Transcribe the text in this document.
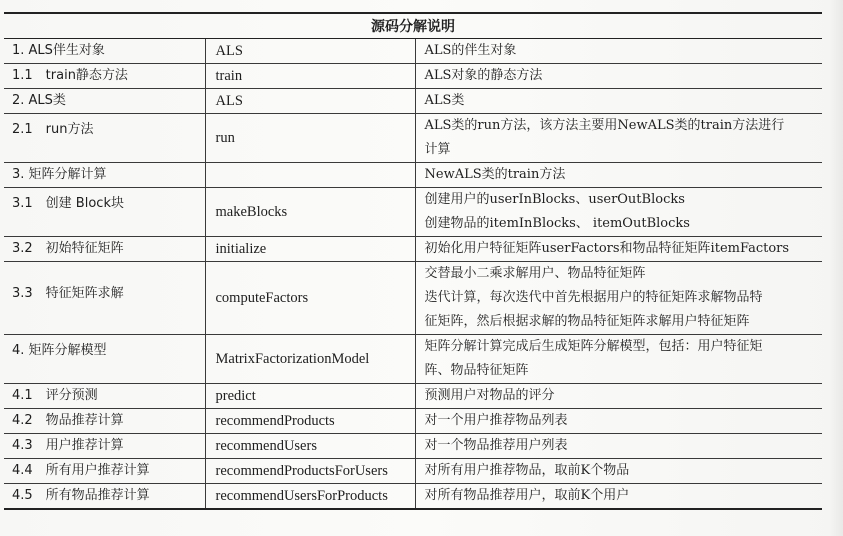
源码分解说明		
1. ALS伴生对象	ALS	ALS的伴生对象

1.1　train静态方法	train	ALS对象的静态方法

2. ALS类	ALS	ALS类

2.1　run方法	run	ALS类的run方法，该方法主要用NewALS类的train方法进行
计算

3. 矩阵分解计算		NewALS类的train方法

3.1　创建 Block块	makeBlocks	创建用户的userInBlocks、userOutBlocks
创建物品的itemInBlocks、 itemOutBlocks

3.2　初始特征矩阵	initialize	初始化用户特征矩阵userFactors和物品特征矩阵itemFactors

3.3　特征矩阵求解	computeFactors	交替最小二乘求解用户、物品特征矩阵
迭代计算，每次迭代中首先根据用户的特征矩阵求解物品特
征矩阵，然后根据求解的物品特征矩阵求解用户特征矩阵

4. 矩阵分解模型	MatrixFactorizationModel	矩阵分解计算完成后生成矩阵分解模型，包括：用户特征矩
阵、物品特征矩阵

4.1　评分预测	predict	预测用户对物品的评分

4.2　物品推荐计算	recommendProducts	对一个用户推荐物品列表

4.3　用户推荐计算	recommendUsers	对一个物品推荐用户列表

4.4　所有用户推荐计算	recommendProductsForUsers	对所有用户推荐物品，取前K个物品

4.5　所有物品推荐计算	recommendUsersForProducts	对所有物品推荐用户，取前K个用户
